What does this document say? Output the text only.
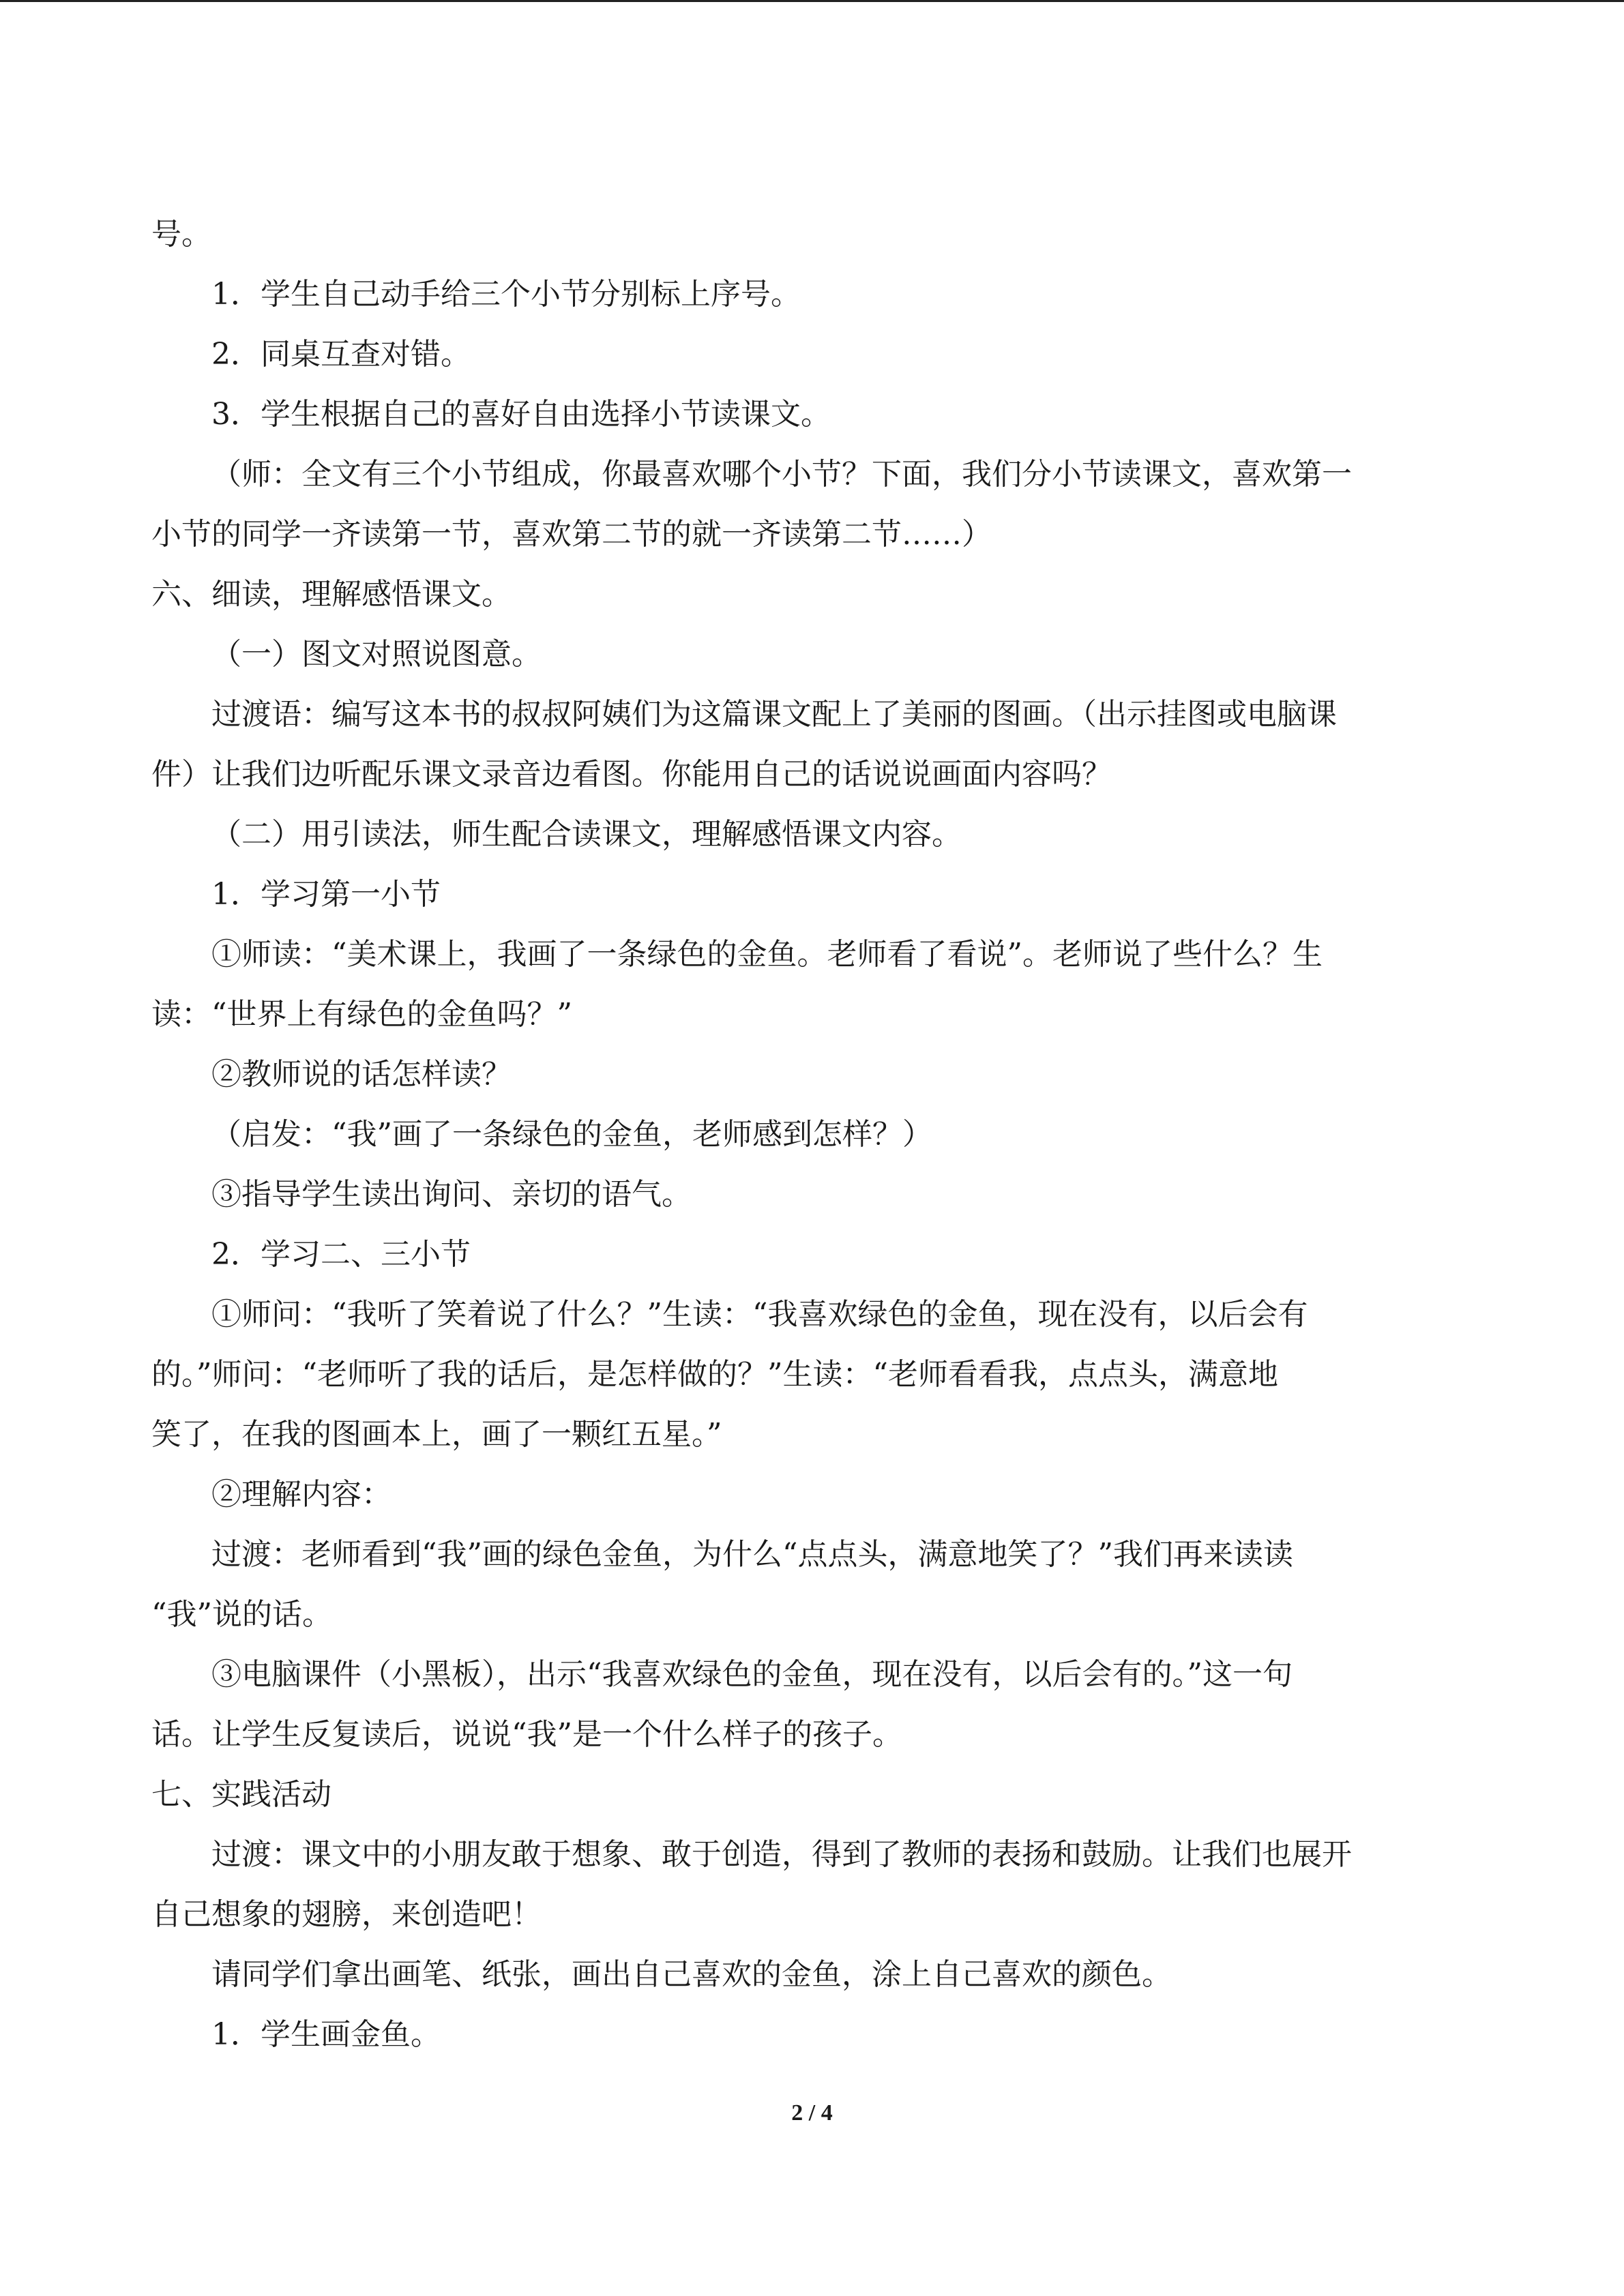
号。
1．学生自己动手给三个小节分别标上序号。
2．同桌互查对错。
3．学生根据自己的喜好自由选择小节读课文。
（师：全文有三个小节组成，你最喜欢哪个小节？下面，我们分小节读课文，喜欢第一
小节的同学一齐读第一节，喜欢第二节的就一齐读第二节……）
六、细读，理解感悟课文。
（一）图文对照说图意。
过渡语：编写这本书的叔叔阿姨们为这篇课文配上了美丽的图画。（出示挂图或电脑课
件）让我们边听配乐课文录音边看图。你能用自己的话说说画面内容吗？
（二）用引读法，师生配合读课文，理解感悟课文内容。
1．学习第一小节
①师读：“美术课上，我画了一条绿色的金鱼。老师看了看说”。老师说了些什么？生
读：“世界上有绿色的金鱼吗？”
②教师说的话怎样读？
（启发：“我”画了一条绿色的金鱼，老师感到怎样？）
③指导学生读出询问、亲切的语气。
2．学习二、三小节
①师问：“我听了笑着说了什么？”生读：“我喜欢绿色的金鱼，现在没有，以后会有
的。”师问：“老师听了我的话后，是怎样做的？”生读：“老师看看我，点点头，满意地
笑了，在我的图画本上，画了一颗红五星。”
②理解内容：
过渡：老师看到“我”画的绿色金鱼，为什么“点点头，满意地笑了？”我们再来读读
“我”说的话。
③电脑课件（小黑板），出示“我喜欢绿色的金鱼，现在没有，以后会有的。”这一句
话。让学生反复读后，说说“我”是一个什么样子的孩子。
七、实践活动
过渡：课文中的小朋友敢于想象、敢于创造，得到了教师的表扬和鼓励。让我们也展开
自己想象的翅膀，来创造吧！
请同学们拿出画笔、纸张，画出自己喜欢的金鱼，涂上自己喜欢的颜色。
1．学生画金鱼。
2 / 4
